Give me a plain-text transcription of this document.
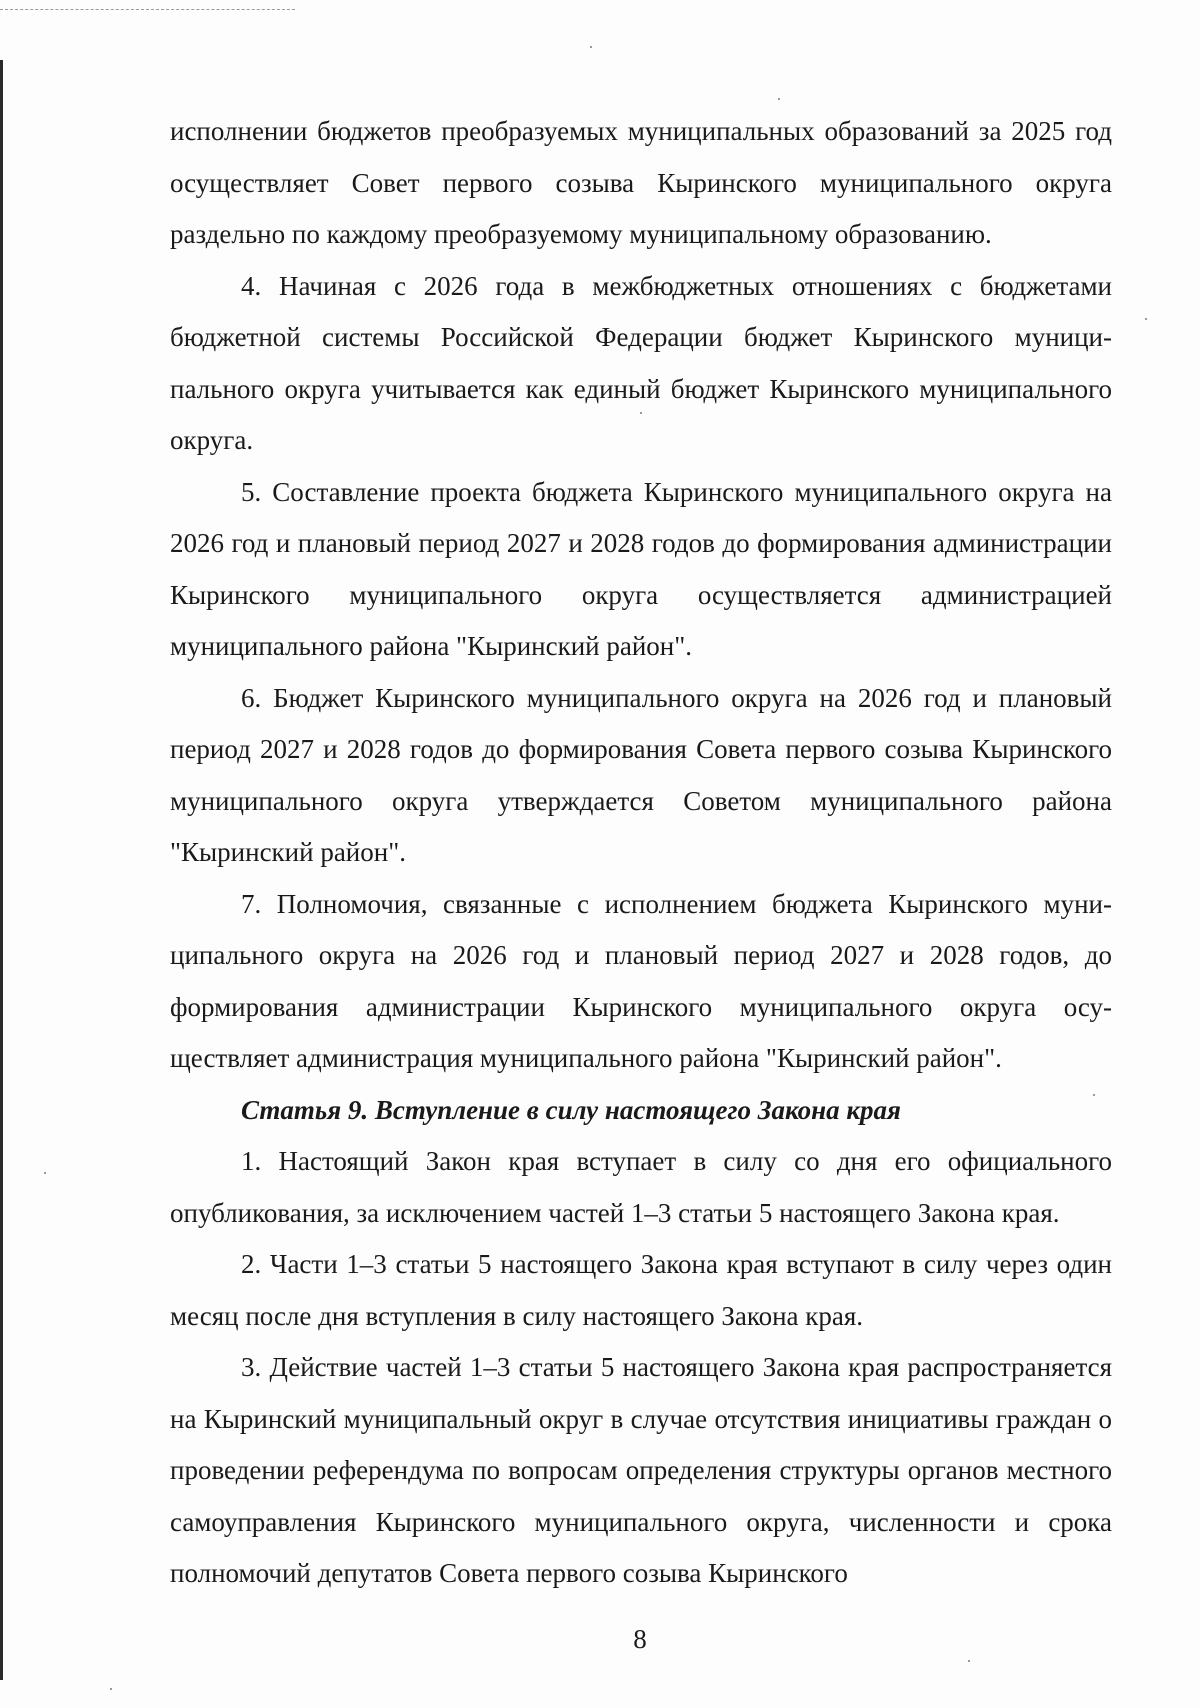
исполнении бюджетов преобразуемых муниципальных образований за 2025 год осуществляет Совет первого созыва Кыринского муниципального округа раздельно по каждому преобразуемому муниципальному образованию.

4. Начиная с 2026 года в межбюджетных отношениях с бюджетами бюджетной системы Российской Федерации бюджет Кыринского муниципального округа учитывается как единый бюджет Кыринского муниципального округа.

5. Составление проекта бюджета Кыринского муниципального округа на 2026 год и плановый период 2027 и 2028 годов до формирования администрации Кыринского муниципального округа осуществляется администрацией муниципального района "Кыринский район".

6. Бюджет Кыринского муниципального округа на 2026 год и плановый период 2027 и 2028 годов до формирования Совета первого созыва Кыринского муниципального округа утверждается Советом муниципального района "Кыринский район".

7. Полномочия, связанные с исполнением бюджета Кыринского муниципального округа на 2026 год и плановый период 2027 и 2028 годов, до формирования администрации Кыринского муниципального округа осуществляет администрация муниципального района "Кыринский район".

Статья 9. Вступление в силу настоящего Закона края

1. Настоящий Закон края вступает в силу со дня его официального опубликования, за исключением частей 1–3 статьи 5 настоящего Закона края.

2. Части 1–3 статьи 5 настоящего Закона края вступают в силу через один месяц после дня вступления в силу настоящего Закона края.

3. Действие частей 1–3 статьи 5 настоящего Закона края распространяется на Кыринский муниципальный округ в случае отсутствия инициативы граждан о проведении референдума по вопросам определения структуры органов местного самоуправления Кыринского муниципального округа, численности и срока полномочий депутатов Совета первого созыва Кыринского

8
